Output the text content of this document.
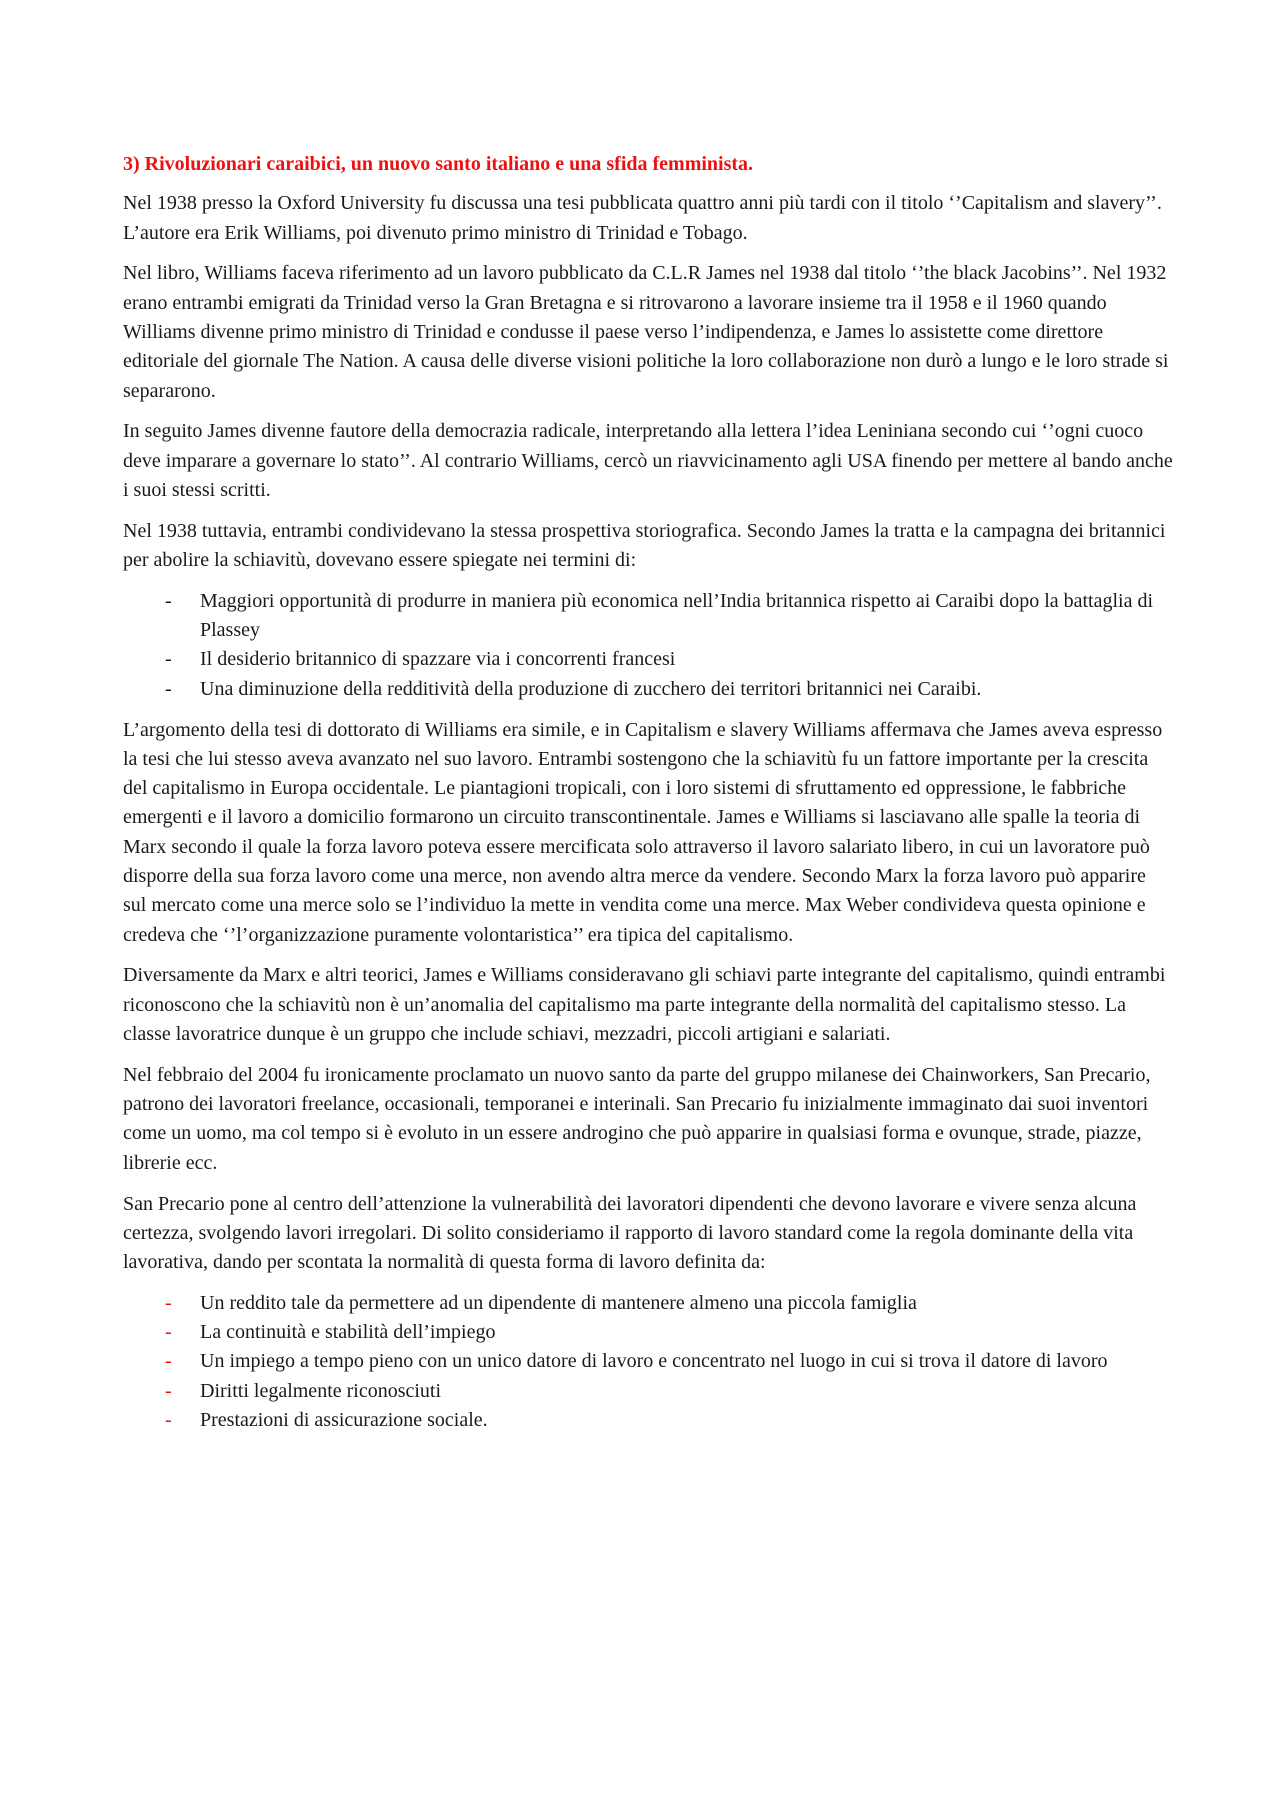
3) Rivoluzionari caraibici, un nuovo santo italiano e una sfida femminista.

Nel 1938 presso la Oxford University fu discussa una tesi pubblicata quattro anni più tardi con il titolo ‘’Capitalism and slavery’’. L’autore era Erik Williams, poi divenuto primo ministro di Trinidad e Tobago.

Nel libro, Williams faceva riferimento ad un lavoro pubblicato da C.L.R James nel 1938 dal titolo ‘’the black Jacobins’’. Nel 1932 erano entrambi emigrati da Trinidad verso la Gran Bretagna e si ritrovarono a lavorare insieme tra il 1958 e il 1960 quando Williams divenne primo ministro di Trinidad e condusse il paese verso l’indipendenza, e James lo assistette come direttore editoriale del giornale The Nation. A causa delle diverse visioni politiche la loro collaborazione non durò a lungo e le loro strade si separarono.

In seguito James divenne fautore della democrazia radicale, interpretando alla lettera l’idea Leniniana secondo cui ‘’ogni cuoco deve imparare a governare lo stato’’. Al contrario Williams, cercò un riavvicinamento agli USA finendo per mettere al bando anche i suoi stessi scritti.

Nel 1938 tuttavia, entrambi condividevano la stessa prospettiva storiografica. Secondo James la tratta e la campagna dei britannici per abolire la schiavitù, dovevano essere spiegate nei termini di:

- Maggiori opportunità di produrre in maniera più economica nell’India britannica rispetto ai Caraibi dopo la battaglia di Plassey
- Il desiderio britannico di spazzare via i concorrenti francesi
- Una diminuzione della redditività della produzione di zucchero dei territori britannici nei Caraibi.

L’argomento della tesi di dottorato di Williams era simile, e in Capitalism e slavery Williams affermava che James aveva espresso la tesi che lui stesso aveva avanzato nel suo lavoro. Entrambi sostengono che la schiavitù fu un fattore importante per la crescita del capitalismo in Europa occidentale. Le piantagioni tropicali, con i loro sistemi di sfruttamento ed oppressione, le fabbriche emergenti e il lavoro a domicilio formarono un circuito transcontinentale. James e Williams si lasciavano alle spalle la teoria di Marx secondo il quale la forza lavoro poteva essere mercificata solo attraverso il lavoro salariato libero, in cui un lavoratore può disporre della sua forza lavoro come una merce, non avendo altra merce da vendere. Secondo Marx la forza lavoro può apparire sul mercato come una merce solo se l’individuo la mette in vendita come una merce. Max Weber condivideva questa opinione e credeva che ‘’l’organizzazione puramente volontaristica’’ era tipica del capitalismo.

Diversamente da Marx e altri teorici, James e Williams consideravano gli schiavi parte integrante del capitalismo, quindi entrambi riconoscono che la schiavitù non è un’anomalia del capitalismo ma parte integrante della normalità del capitalismo stesso. La classe lavoratrice dunque è un gruppo che include schiavi, mezzadri, piccoli artigiani e salariati.

Nel febbraio del 2004 fu ironicamente proclamato un nuovo santo da parte del gruppo milanese dei Chainworkers, San Precario, patrono dei lavoratori freelance, occasionali, temporanei e interinali. San Precario fu inizialmente immaginato dai suoi inventori come un uomo, ma col tempo si è evoluto in un essere androgino che può apparire in qualsiasi forma e ovunque, strade, piazze, librerie ecc.

San Precario pone al centro dell’attenzione la vulnerabilità dei lavoratori dipendenti che devono lavorare e vivere senza alcuna certezza, svolgendo lavori irregolari. Di solito consideriamo il rapporto di lavoro standard come la regola dominante della vita lavorativa, dando per scontata la normalità di questa forma di lavoro definita da:

- Un reddito tale da permettere ad un dipendente di mantenere almeno una piccola famiglia
- La continuità e stabilità dell’impiego
- Un impiego a tempo pieno con un unico datore di lavoro e concentrato nel luogo in cui si trova il datore di lavoro
- Diritti legalmente riconosciuti
- Prestazioni di assicurazione sociale.
